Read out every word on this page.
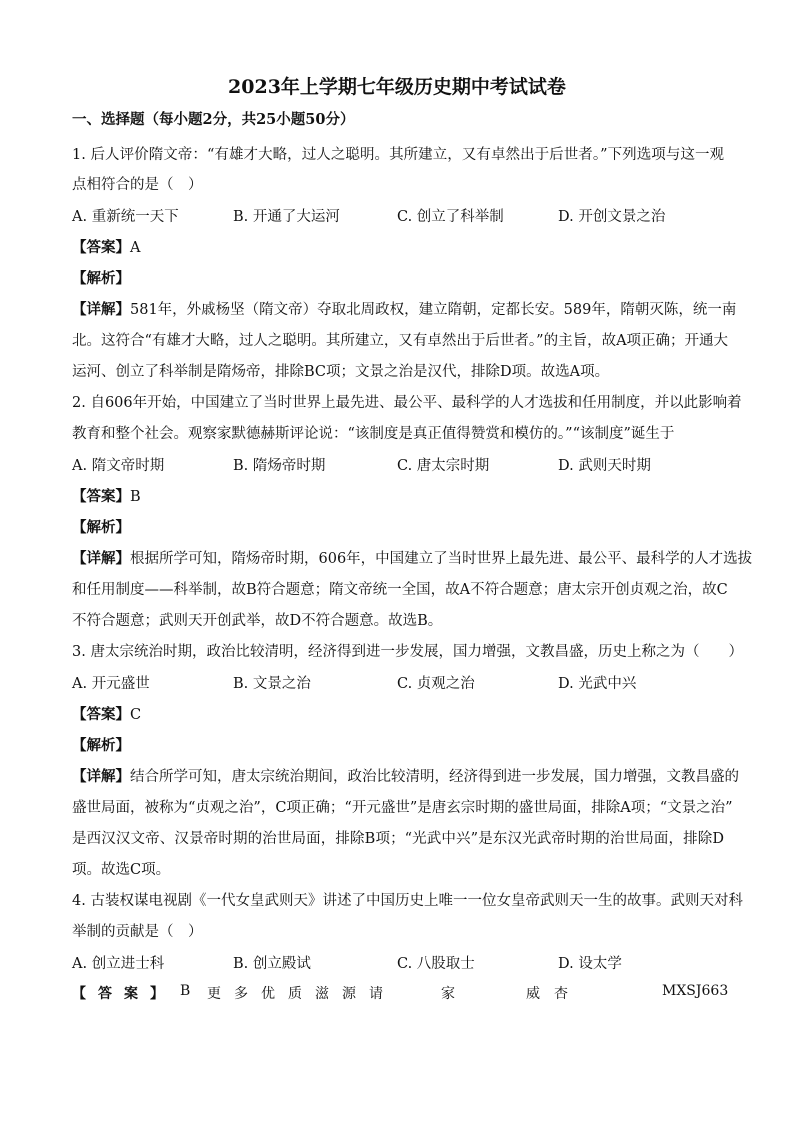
2023年上学期七年级历史期中考试试卷
一、选择题（每小题2分，共25小题50分）
1. 后人评价隋文帝：“有雄才大略，过人之聪明。其所建立，又有卓然出于后世者。”下列选项与这一观
点相符合的是（　）
A. 重新统一天下	B. 开通了大运河	C. 创立了科举制	D. 开创文景之治
【答案】A
【解析】
【详解】581年，外戚杨坚（隋文帝）夺取北周政权，建立隋朝，定都长安。589年，隋朝灭陈，统一南
北。这符合“有雄才大略，过人之聪明。其所建立，又有卓然出于后世者。”的主旨，故A项正确；开通大
运河、创立了科举制是隋炀帝，排除BC项；文景之治是汉代，排除D项。故选A项。
2. 自606年开始，中国建立了当时世界上最先进、最公平、最科学的人才选拔和任用制度，并以此影响着
教育和整个社会。观察家默德赫斯评论说：“该制度是真正值得赞赏和模仿的。”“该制度”诞生于
A. 隋文帝时期	B. 隋炀帝时期	C. 唐太宗时期	D. 武则天时期
【答案】B
【解析】
【详解】根据所学可知，隋炀帝时期，606年，中国建立了当时世界上最先进、最公平、最科学的人才选拔
和任用制度——科举制，故B符合题意；隋文帝统一全国，故A不符合题意；唐太宗开创贞观之治，故C
不符合题意；武则天开创武举，故D不符合题意。故选B。
3. 唐太宗统治时期，政治比较清明，经济得到进一步发展，国力增强，文教昌盛，历史上称之为（　　）
A. 开元盛世	B. 文景之治	C. 贞观之治	D. 光武中兴
【答案】C
【解析】
【详解】结合所学可知，唐太宗统治期间，政治比较清明，经济得到进一步发展，国力增强，文教昌盛的
盛世局面，被称为“贞观之治”，C项正确；“开元盛世”是唐玄宗时期的盛世局面，排除A项；“文景之治”
是西汉汉文帝、汉景帝时期的治世局面，排除B项；“光武中兴”是东汉光武帝时期的治世局面，排除D
项。故选C项。
4. 古装权谋电视剧《一代女皇武则天》讲述了中国历史上唯一一位女皇帝武则天一生的故事。武则天对科
举制的贡献是（　）
A. 创立进士科	B. 创立殿试	C. 八股取士	D. 设太学
【答案】 B 更 多 优 质 滋 源 请	家	威 杏	MXSJ663
